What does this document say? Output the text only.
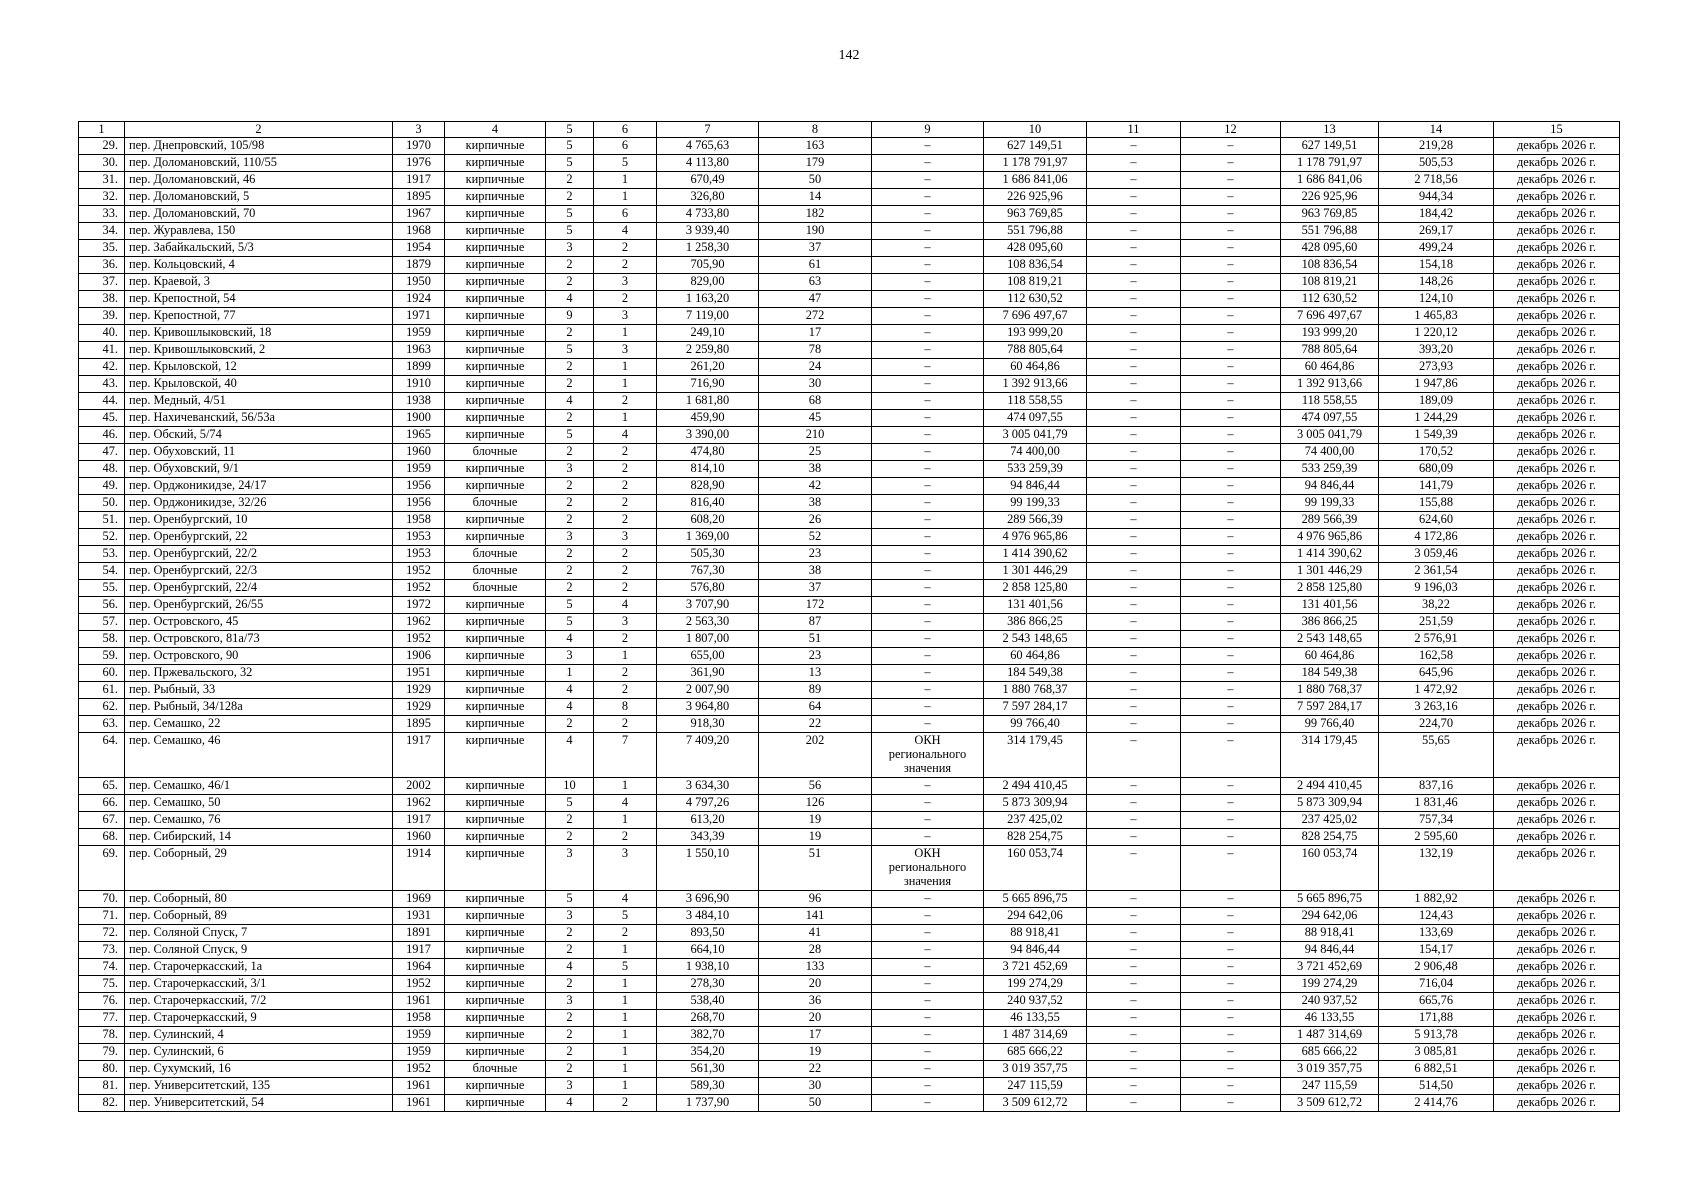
142
1	2	3	4	5	6	7	8	9	10	11	12	13	14	15
29.	пер. Днепровский, 105/98	1970	кирпичные	5	6	4 765,63	163	–	627 149,51	–	–	627 149,51	219,28	декабрь 2026 г.
30.	пер. Доломановский, 110/55	1976	кирпичные	5	5	4 113,80	179	–	1 178 791,97	–	–	1 178 791,97	505,53	декабрь 2026 г.
31.	пер. Доломановский, 46	1917	кирпичные	2	1	670,49	50	–	1 686 841,06	–	–	1 686 841,06	2 718,56	декабрь 2026 г.
32.	пер. Доломановский, 5	1895	кирпичные	2	1	326,80	14	–	226 925,96	–	–	226 925,96	944,34	декабрь 2026 г.
33.	пер. Доломановский, 70	1967	кирпичные	5	6	4 733,80	182	–	963 769,85	–	–	963 769,85	184,42	декабрь 2026 г.
34.	пер. Журавлева, 150	1968	кирпичные	5	4	3 939,40	190	–	551 796,88	–	–	551 796,88	269,17	декабрь 2026 г.
35.	пер. Забайкальский, 5/3	1954	кирпичные	3	2	1 258,30	37	–	428 095,60	–	–	428 095,60	499,24	декабрь 2026 г.
36.	пер. Кольцовский, 4	1879	кирпичные	2	2	705,90	61	–	108 836,54	–	–	108 836,54	154,18	декабрь 2026 г.
37.	пер. Краевой, 3	1950	кирпичные	2	3	829,00	63	–	108 819,21	–	–	108 819,21	148,26	декабрь 2026 г.
38.	пер. Крепостной, 54	1924	кирпичные	4	2	1 163,20	47	–	112 630,52	–	–	112 630,52	124,10	декабрь 2026 г.
39.	пер. Крепостной, 77	1971	кирпичные	9	3	7 119,00	272	–	7 696 497,67	–	–	7 696 497,67	1 465,83	декабрь 2026 г.
40.	пер. Кривошлыковский, 18	1959	кирпичные	2	1	249,10	17	–	193 999,20	–	–	193 999,20	1 220,12	декабрь 2026 г.
41.	пер. Кривошлыковский, 2	1963	кирпичные	5	3	2 259,80	78	–	788 805,64	–	–	788 805,64	393,20	декабрь 2026 г.
42.	пер. Крыловской, 12	1899	кирпичные	2	1	261,20	24	–	60 464,86	–	–	60 464,86	273,93	декабрь 2026 г.
43.	пер. Крыловской, 40	1910	кирпичные	2	1	716,90	30	–	1 392 913,66	–	–	1 392 913,66	1 947,86	декабрь 2026 г.
44.	пер. Медный, 4/51	1938	кирпичные	4	2	1 681,80	68	–	118 558,55	–	–	118 558,55	189,09	декабрь 2026 г.
45.	пер. Нахичеванский, 56/53а	1900	кирпичные	2	1	459,90	45	–	474 097,55	–	–	474 097,55	1 244,29	декабрь 2026 г.
46.	пер. Обский, 5/74	1965	кирпичные	5	4	3 390,00	210	–	3 005 041,79	–	–	3 005 041,79	1 549,39	декабрь 2026 г.
47.	пер. Обуховский, 11	1960	блочные	2	2	474,80	25	–	74 400,00	–	–	74 400,00	170,52	декабрь 2026 г.
48.	пер. Обуховский, 9/1	1959	кирпичные	3	2	814,10	38	–	533 259,39	–	–	533 259,39	680,09	декабрь 2026 г.
49.	пер. Орджоникидзе, 24/17	1956	кирпичные	2	2	828,90	42	–	94 846,44	–	–	94 846,44	141,79	декабрь 2026 г.
50.	пер. Орджоникидзе, 32/26	1956	блочные	2	2	816,40	38	–	99 199,33	–	–	99 199,33	155,88	декабрь 2026 г.
51.	пер. Оренбургский, 10	1958	кирпичные	2	2	608,20	26	–	289 566,39	–	–	289 566,39	624,60	декабрь 2026 г.
52.	пер. Оренбургский, 22	1953	кирпичные	3	3	1 369,00	52	–	4 976 965,86	–	–	4 976 965,86	4 172,86	декабрь 2026 г.
53.	пер. Оренбургский, 22/2	1953	блочные	2	2	505,30	23	–	1 414 390,62	–	–	1 414 390,62	3 059,46	декабрь 2026 г.
54.	пер. Оренбургский, 22/3	1952	блочные	2	2	767,30	38	–	1 301 446,29	–	–	1 301 446,29	2 361,54	декабрь 2026 г.
55.	пер. Оренбургский, 22/4	1952	блочные	2	2	576,80	37	–	2 858 125,80	–	–	2 858 125,80	9 196,03	декабрь 2026 г.
56.	пер. Оренбургский, 26/55	1972	кирпичные	5	4	3 707,90	172	–	131 401,56	–	–	131 401,56	38,22	декабрь 2026 г.
57.	пер. Островского, 45	1962	кирпичные	5	3	2 563,30	87	–	386 866,25	–	–	386 866,25	251,59	декабрь 2026 г.
58.	пер. Островского, 81а/73	1952	кирпичные	4	2	1 807,00	51	–	2 543 148,65	–	–	2 543 148,65	2 576,91	декабрь 2026 г.
59.	пер. Островского, 90	1906	кирпичные	3	1	655,00	23	–	60 464,86	–	–	60 464,86	162,58	декабрь 2026 г.
60.	пер. Пржевальского, 32	1951	кирпичные	1	2	361,90	13	–	184 549,38	–	–	184 549,38	645,96	декабрь 2026 г.
61.	пер. Рыбный, 33	1929	кирпичные	4	2	2 007,90	89	–	1 880 768,37	–	–	1 880 768,37	1 472,92	декабрь 2026 г.
62.	пер. Рыбный, 34/128а	1929	кирпичные	4	8	3 964,80	64	–	7 597 284,17	–	–	7 597 284,17	3 263,16	декабрь 2026 г.
63.	пер. Семашко, 22	1895	кирпичные	2	2	918,30	22	–	99 766,40	–	–	99 766,40	224,70	декабрь 2026 г.
64.	пер. Семашко, 46	1917	кирпичные	4	7	7 409,20	202	ОКН регионального значения	314 179,45	–	–	314 179,45	55,65	декабрь 2026 г.
65.	пер. Семашко, 46/1	2002	кирпичные	10	1	3 634,30	56	–	2 494 410,45	–	–	2 494 410,45	837,16	декабрь 2026 г.
66.	пер. Семашко, 50	1962	кирпичные	5	4	4 797,26	126	–	5 873 309,94	–	–	5 873 309,94	1 831,46	декабрь 2026 г.
67.	пер. Семашко, 76	1917	кирпичные	2	1	613,20	19	–	237 425,02	–	–	237 425,02	757,34	декабрь 2026 г.
68.	пер. Сибирский, 14	1960	кирпичные	2	2	343,39	19	–	828 254,75	–	–	828 254,75	2 595,60	декабрь 2026 г.
69.	пер. Соборный, 29	1914	кирпичные	3	3	1 550,10	51	ОКН регионального значения	160 053,74	–	–	160 053,74	132,19	декабрь 2026 г.
70.	пер. Соборный, 80	1969	кирпичные	5	4	3 696,90	96	–	5 665 896,75	–	–	5 665 896,75	1 882,92	декабрь 2026 г.
71.	пер. Соборный, 89	1931	кирпичные	3	5	3 484,10	141	–	294 642,06	–	–	294 642,06	124,43	декабрь 2026 г.
72.	пер. Соляной Спуск, 7	1891	кирпичные	2	2	893,50	41	–	88 918,41	–	–	88 918,41	133,69	декабрь 2026 г.
73.	пер. Соляной Спуск, 9	1917	кирпичные	2	1	664,10	28	–	94 846,44	–	–	94 846,44	154,17	декабрь 2026 г.
74.	пер. Старочеркасский, 1а	1964	кирпичные	4	5	1 938,10	133	–	3 721 452,69	–	–	3 721 452,69	2 906,48	декабрь 2026 г.
75.	пер. Старочеркасский, 3/1	1952	кирпичные	2	1	278,30	20	–	199 274,29	–	–	199 274,29	716,04	декабрь 2026 г.
76.	пер. Старочеркасский, 7/2	1961	кирпичные	3	1	538,40	36	–	240 937,52	–	–	240 937,52	665,76	декабрь 2026 г.
77.	пер. Старочеркасский, 9	1958	кирпичные	2	1	268,70	20	–	46 133,55	–	–	46 133,55	171,88	декабрь 2026 г.
78.	пер. Сулинский, 4	1959	кирпичные	2	1	382,70	17	–	1 487 314,69	–	–	1 487 314,69	5 913,78	декабрь 2026 г.
79.	пер. Сулинский, 6	1959	кирпичные	2	1	354,20	19	–	685 666,22	–	–	685 666,22	3 085,81	декабрь 2026 г.
80.	пер. Сухумский, 16	1952	блочные	2	1	561,30	22	–	3 019 357,75	–	–	3 019 357,75	6 882,51	декабрь 2026 г.
81.	пер. Университетский, 135	1961	кирпичные	3	1	589,30	30	–	247 115,59	–	–	247 115,59	514,50	декабрь 2026 г.
82.	пер. Университетский, 54	1961	кирпичные	4	2	1 737,90	50	–	3 509 612,72	–	–	3 509 612,72	2 414,76	декабрь 2026 г.
